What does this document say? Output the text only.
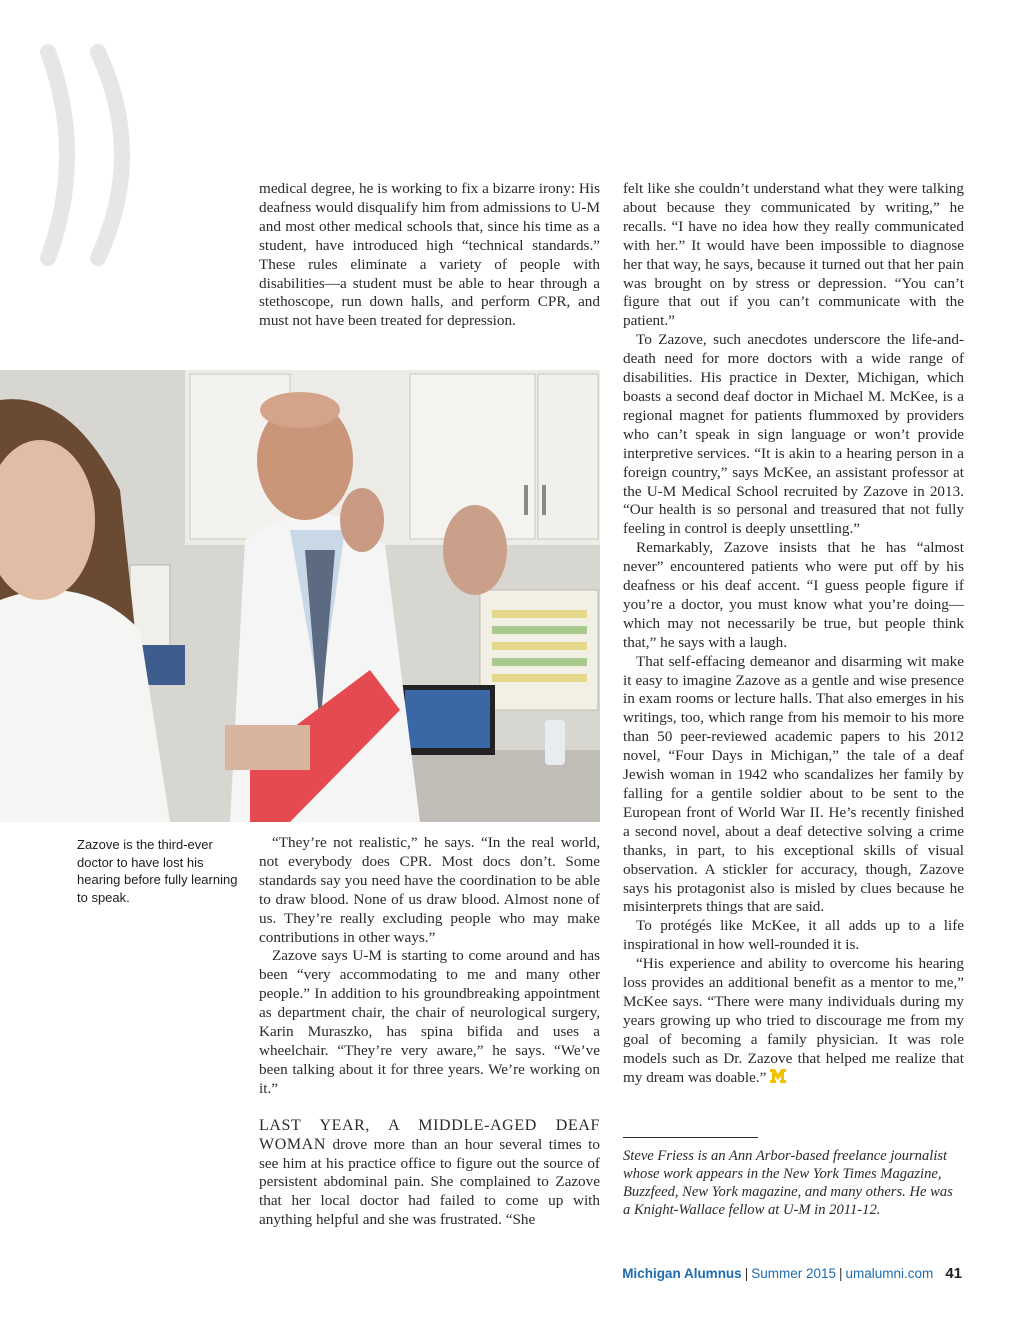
medical degree, he is working to fix a bizarre irony: His deafness would disqualify him from admissions to U-M and most other medical schools that, since his time as a student, have introduced high “technical standards.” These rules eliminate a variety of people with disabilities—a student must be able to hear through a stethoscope, run down halls, and perform CPR, and must not have been treated for depression.

Zazove is the third-ever doctor to have lost his hearing before fully learning to speak.

“They’re not realistic,” he says. “In the real world, not everybody does CPR. Most docs don’t. Some standards say you need have the coordination to be able to draw blood. None of us draw blood. Almost none of us. They’re really excluding people who may make contributions in other ways.”

Zazove says U-M is starting to come around and has been “very accommodating to me and many other people.” In addition to his groundbreaking appointment as department chair, the chair of neurological surgery, Karin Muraszko, has spina bifida and uses a wheelchair. “They’re very aware,” he says. “We’ve been talking about it for three years. We’re working on it.”

LAST YEAR, A MIDDLE-AGED DEAF WOMAN drove more than an hour several times to see him at his practice office to figure out the source of persistent abdominal pain. She complained to Zazove that her local doctor had failed to come up with anything helpful and she was frustrated. “She

felt like she couldn’t understand what they were talking about because they communicated by writing,” he recalls. “I have no idea how they really communicated with her.” It would have been impossible to diagnose her that way, he says, because it turned out that her pain was brought on by stress or depression. “You can’t figure that out if you can’t communicate with the patient.”

To Zazove, such anecdotes underscore the life-and-death need for more doctors with a wide range of disabilities. His practice in Dexter, Michigan, which boasts a second deaf doctor in Michael M. McKee, is a regional magnet for patients flummoxed by providers who can’t speak in sign language or won’t provide interpretive services. “It is akin to a hearing person in a foreign country,” says McKee, an assistant professor at the U-M Medical School recruited by Zazove in 2013. “Our health is so personal and treasured that not fully feeling in control is deeply unsettling.”

Remarkably, Zazove insists that he has “almost never” encountered patients who were put off by his deafness or his deaf accent. “I guess people figure if you’re a doctor, you must know what you’re doing—which may not necessarily be true, but people think that,” he says with a laugh.

That self-effacing demeanor and disarming wit make it easy to imagine Zazove as a gentle and wise presence in exam rooms or lecture halls. That also emerges in his writings, too, which range from his memoir to his more than 50 peer-reviewed academic papers to his 2012 novel, “Four Days in Michigan,” the tale of a deaf Jewish woman in 1942 who scandalizes her family by falling for a gentile soldier about to be sent to the European front of World War II. He’s recently finished a second novel, about a deaf detective solving a crime thanks, in part, to his exceptional skills of visual observation. A stickler for accuracy, though, Zazove says his protagonist also is misled by clues because he misinterprets things that are said.

To protégés like McKee, it all adds up to a life inspirational in how well-rounded it is.

“His experience and ability to overcome his hearing loss provides an additional benefit as a mentor to me,” McKee says. “There were many individuals during my years growing up who tried to discourage me from my goal of becoming a family physician. It was role models such as Dr. Zazove that helped me realize that my dream was doable.”

Steve Friess is an Ann Arbor-based freelance journalist whose work appears in the New York Times Magazine, Buzzfeed, New York magazine, and many others. He was a Knight-Wallace fellow at U-M in 2011-12.
Michigan Alumnus | Summer 2015 | umalumni.com 41
